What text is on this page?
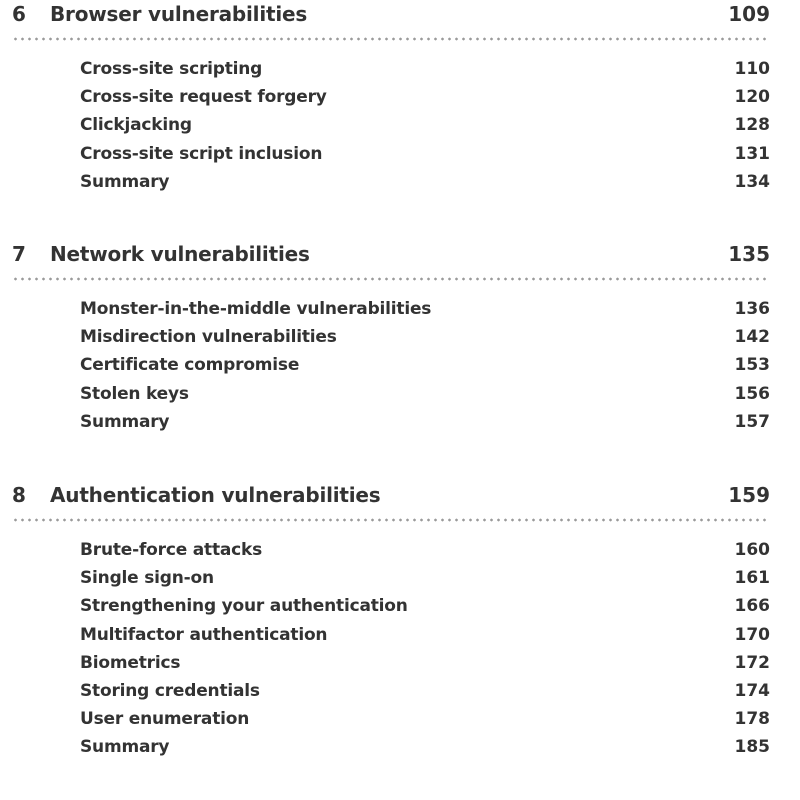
6 Browser vulnerabilities	109
Cross-site scripting	110
Cross-site request forgery	120
Clickjacking	128
Cross-site script inclusion	131
Summary	134
7 Network vulnerabilities	135
Monster-in-the-middle vulnerabilities	136
Misdirection vulnerabilities	142
Certificate compromise	153
Stolen keys	156
Summary	157
8 Authentication vulnerabilities	159
Brute-force attacks	160
Single sign-on	161
Strengthening your authentication	166
Multifactor authentication	170
Biometrics	172
Storing credentials	174
User enumeration	178
Summary	185
